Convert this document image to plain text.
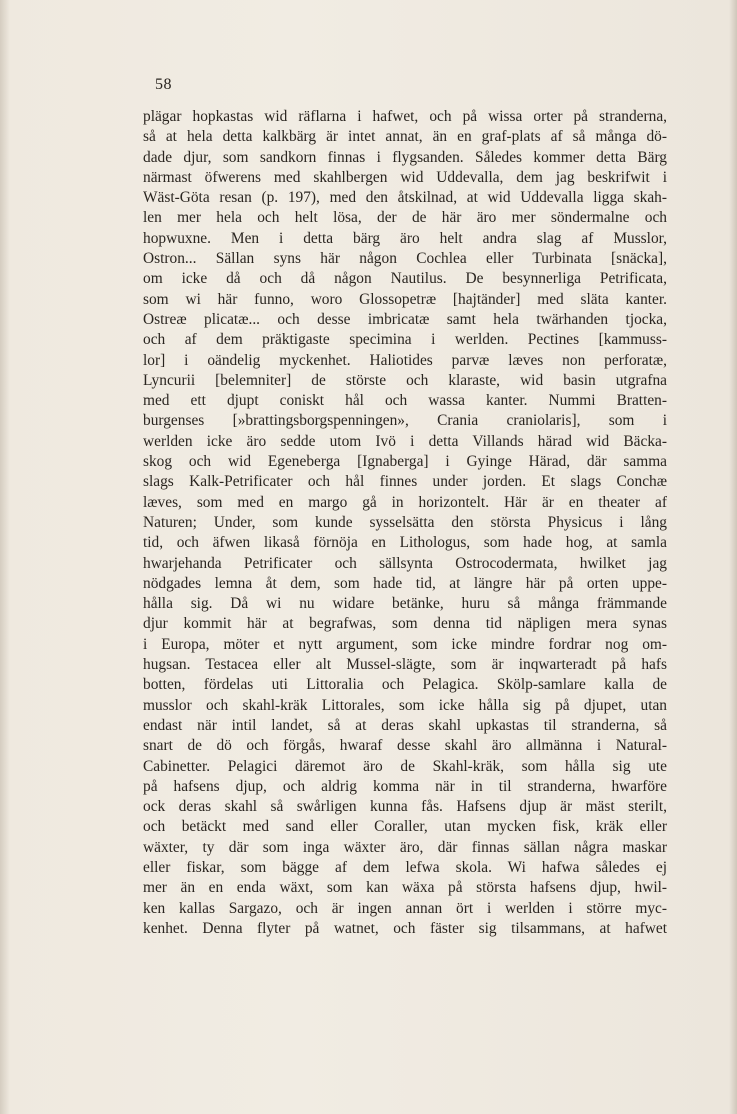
58
plägar hopkastas wid räflarna i hafwet, och på wissa orter på stranderna,
så at hela detta kalkbärg är intet annat, än en graf-plats af så många dö-
dade djur, som sandkorn finnas i flygsanden. Således kommer detta Bärg
närmast öfwerens med skahlbergen wid Uddevalla, dem jag beskrifwit i
Wäst-Göta resan (p. 197), med den åtskilnad, at wid Uddevalla ligga skah-
len mer hela och helt lösa, der de här äro mer söndermalne och
hopwuxne. Men i detta bärg äro helt andra slag af Musslor,
Ostron... Sällan syns här någon Cochlea eller Turbinata [snäcka],
om icke då och då någon Nautilus. De besynnerliga Petrificata,
som wi här funno, woro Glossopetræ [hajtänder] med släta kanter.
Ostreæ plicatæ... och desse imbricatæ samt hela twärhanden tjocka,
och af dem präktigaste specimina i werlden. Pectines [kammuss-
lor] i oändelig myckenhet. Haliotides parvæ læves non perforatæ,
Lyncurii [belemniter] de störste och klaraste, wid basin utgrafna
med ett djupt coniskt hål och wassa kanter. Nummi Bratten-
burgenses [»brattingsborgspenningen», Crania craniolaris], som i
werlden icke äro sedde utom Ivö i detta Villands härad wid Bäcka-
skog och wid Egeneberga [Ignaberga] i Gyinge Härad, där samma
slags Kalk-Petrificater och hål finnes under jorden. Et slags Conchæ
læves, som med en margo gå in horizontelt. Här är en theater af
Naturen; Under, som kunde sysselsätta den största Physicus i lång
tid, och äfwen likaså förnöja en Lithologus, som hade hog, at samla
hwarjehanda Petrificater och sällsynta Ostrocodermata, hwilket jag
nödgades lemna åt dem, som hade tid, at längre här på orten uppe-
hålla sig. Då wi nu widare betänke, huru så många främmande
djur kommit här at begrafwas, som denna tid näpligen mera synas
i Europa, möter et nytt argument, som icke mindre fordrar nog om-
hugsan. Testacea eller alt Mussel-slägte, som är inqwarteradt på hafs
botten, fördelas uti Littoralia och Pelagica. Skölp-samlare kalla de
musslor och skahl-kräk Littorales, som icke hålla sig på djupet, utan
endast när intil landet, så at deras skahl upkastas til stranderna, så
snart de dö och förgås, hwaraf desse skahl äro allmänna i Natural-
Cabinetter. Pelagici däremot äro de Skahl-kräk, som hålla sig ute
på hafsens djup, och aldrig komma när in til stranderna, hwarföre
ock deras skahl så swårligen kunna fås. Hafsens djup är mäst sterilt,
och betäckt med sand eller Coraller, utan mycken fisk, kräk eller
wäxter, ty där som inga wäxter äro, där finnas sällan några maskar
eller fiskar, som bägge af dem lefwa skola. Wi hafwa således ej
mer än en enda wäxt, som kan wäxa på största hafsens djup, hwil-
ken kallas Sargazo, och är ingen annan ört i werlden i större myc-
kenhet. Denna flyter på watnet, och fäster sig tilsammans, at hafwet
